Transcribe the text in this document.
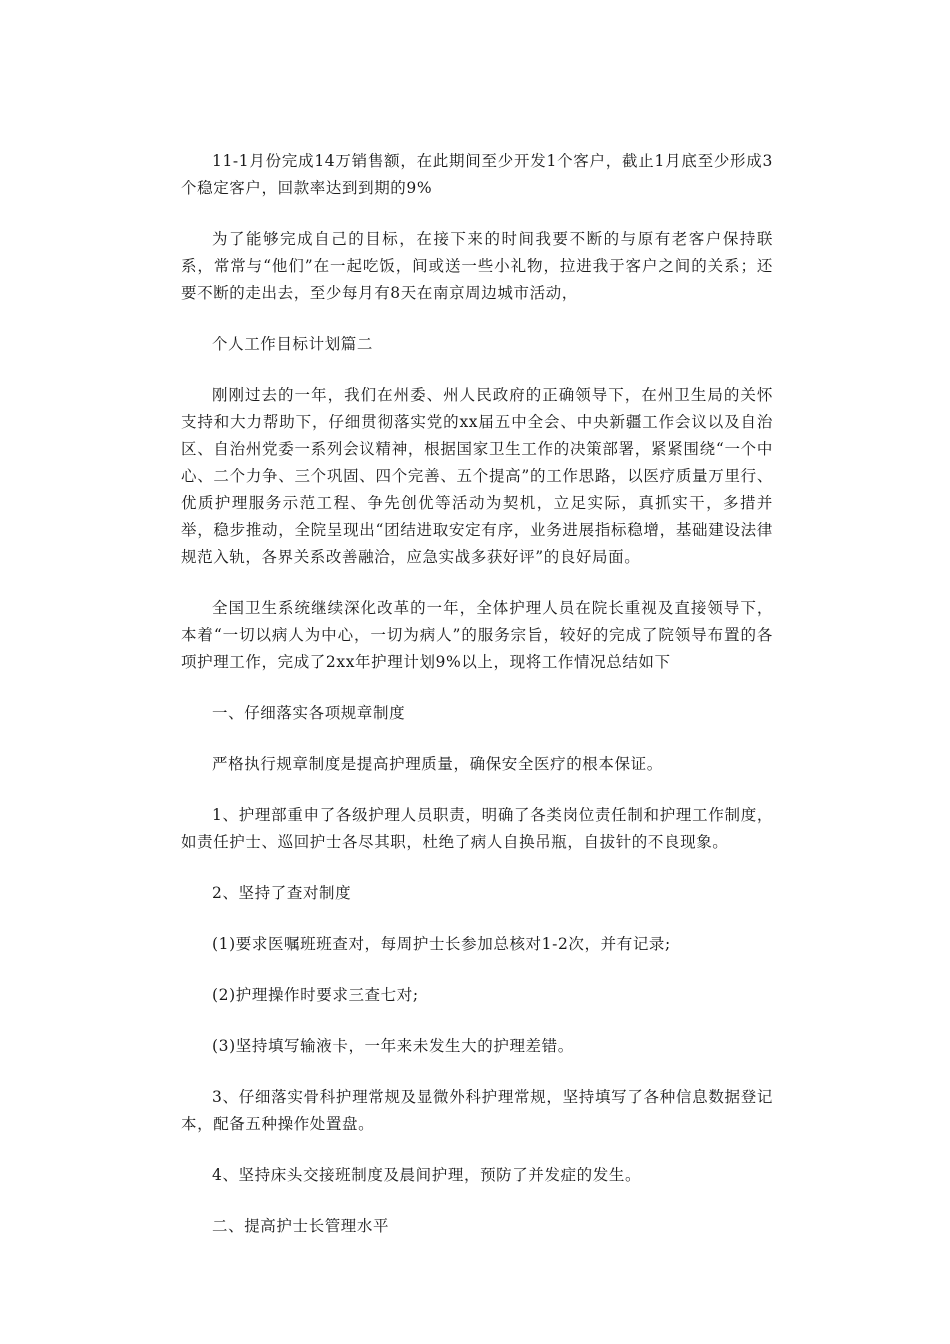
11-1月份完成14万销售额，在此期间至少开发1个客户，截止1月底至少形成3个稳定客户，回款率达到到期的9%

为了能够完成自己的目标，在接下来的时间我要不断的与原有老客户保持联系，常常与“他们”在一起吃饭，间或送一些小礼物，拉进我于客户之间的关系；还要不断的走出去，至少每月有8天在南京周边城市活动，

个人工作目标计划篇二

刚刚过去的一年，我们在州委、州人民政府的正确领导下，在州卫生局的关怀支持和大力帮助下，仔细贯彻落实党的xx届五中全会、中央新疆工作会议以及自治区、自治州党委一系列会议精神，根据国家卫生工作的决策部署，紧紧围绕“一个中心、二个力争、三个巩固、四个完善、五个提高”的工作思路，以医疗质量万里行、优质护理服务示范工程、争先创优等活动为契机，立足实际，真抓实干，多措并举，稳步推动，全院呈现出“团结进取安定有序，业务进展指标稳增，基础建设法律规范入轨，各界关系改善融洽，应急实战多获好评”的良好局面。

全国卫生系统继续深化改革的一年，全体护理人员在院长重视及直接领导下，本着“一切以病人为中心，一切为病人”的服务宗旨，较好的完成了院领导布置的各项护理工作，完成了2xx年护理计划9%以上，现将工作情况总结如下

一、仔细落实各项规章制度

严格执行规章制度是提高护理质量，确保安全医疗的根本保证。

1、护理部重申了各级护理人员职责，明确了各类岗位责任制和护理工作制度，如责任护士、巡回护士各尽其职，杜绝了病人自换吊瓶，自拔针的不良现象。

2、坚持了查对制度

(1)要求医嘱班班查对，每周护士长参加总核对1-2次，并有记录;

(2)护理操作时要求三查七对;

(3)坚持填写输液卡，一年来未发生大的护理差错。

3、仔细落实骨科护理常规及显微外科护理常规，坚持填写了各种信息数据登记本，配备五种操作处置盘。

4、坚持床头交接班制度及晨间护理，预防了并发症的发生。

二、提高护士长管理水平
